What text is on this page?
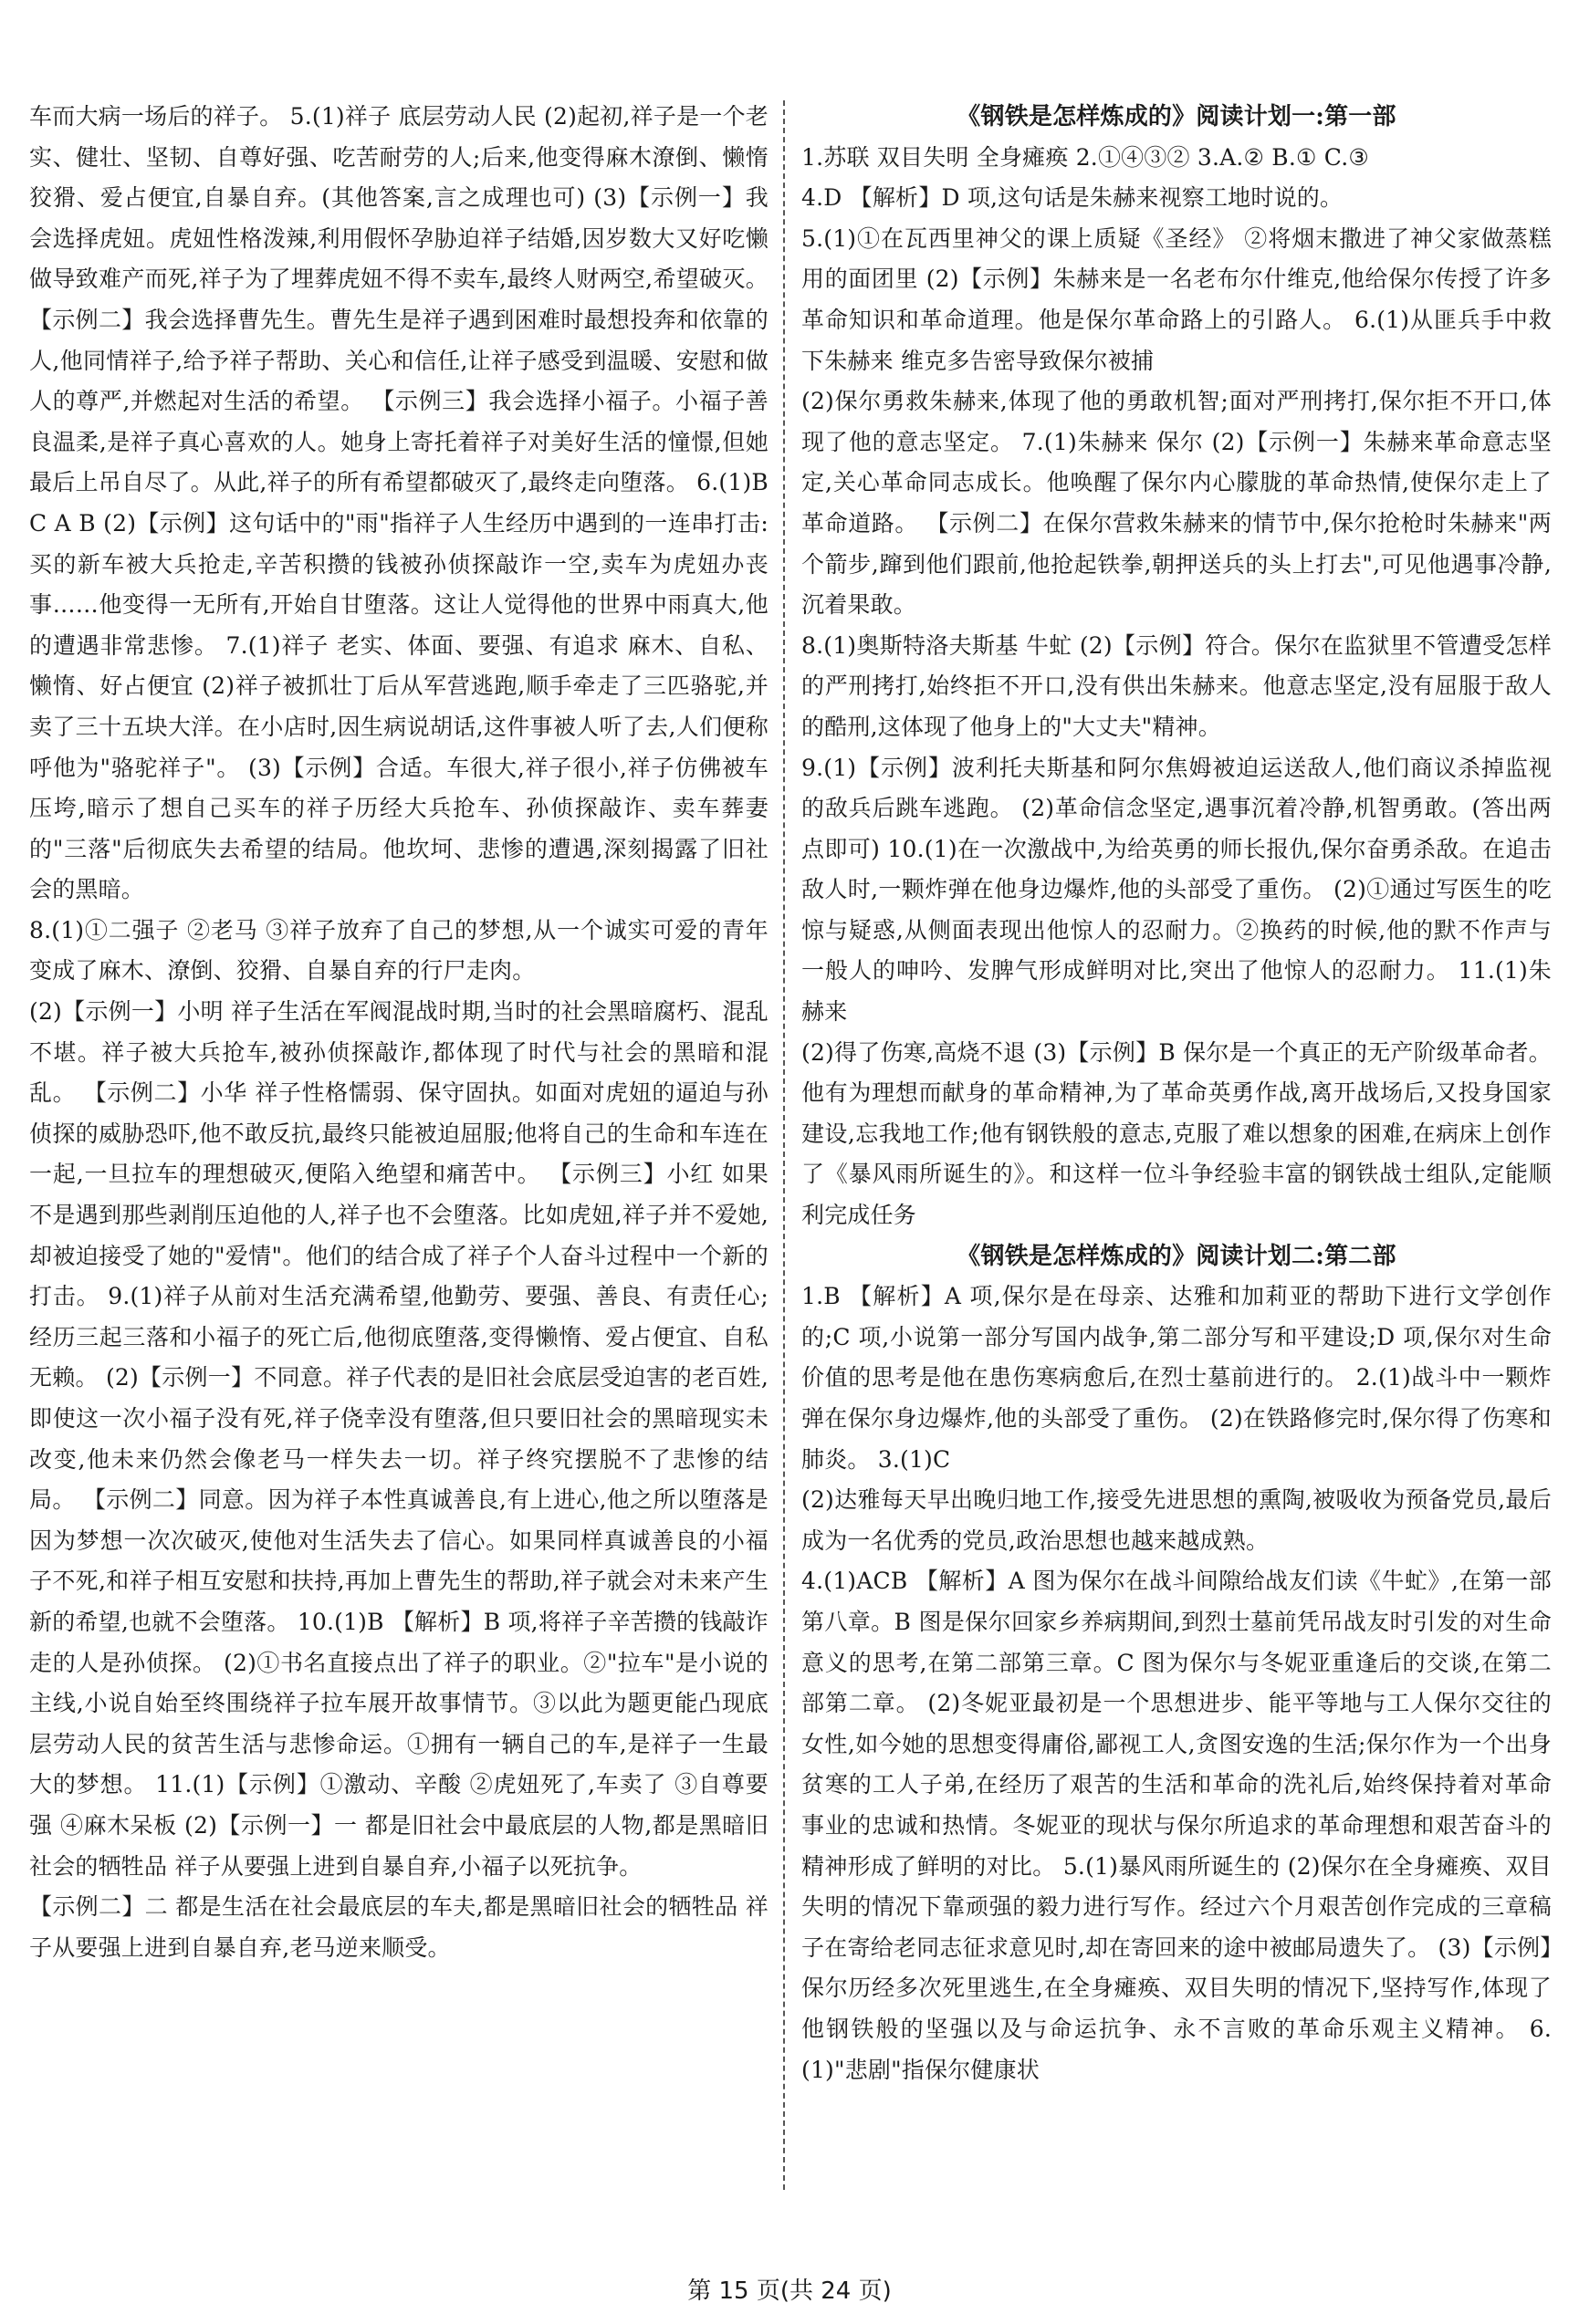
车而大病一场后的祥子。 5.(1)祥子 底层劳动人民 (2)起初,祥子是一个老实、健壮、坚韧、自尊好强、吃苦耐劳的人;后来,他变得麻木潦倒、懒惰狡猾、爱占便宜,自暴自弃。(其他答案,言之成理也可) (3)【示例一】我会选择虎妞。虎妞性格泼辣,利用假怀孕胁迫祥子结婚,因岁数大又好吃懒做导致难产而死,祥子为了埋葬虎妞不得不卖车,最终人财两空,希望破灭。 【示例二】我会选择曹先生。曹先生是祥子遇到困难时最想投奔和依靠的人,他同情祥子,给予祥子帮助、关心和信任,让祥子感受到温暖、安慰和做人的尊严,并燃起对生活的希望。 【示例三】我会选择小福子。小福子善良温柔,是祥子真心喜欢的人。她身上寄托着祥子对美好生活的憧憬,但她最后上吊自尽了。从此,祥子的所有希望都破灭了,最终走向堕落。 6.(1)B C A B (2)【示例】这句话中的"雨"指祥子人生经历中遇到的一连串打击:买的新车被大兵抢走,辛苦积攒的钱被孙侦探敲诈一空,卖车为虎妞办丧事……他变得一无所有,开始自甘堕落。这让人觉得他的世界中雨真大,他的遭遇非常悲惨。 7.(1)祥子 老实、体面、要强、有追求 麻木、自私、懒惰、好占便宜 (2)祥子被抓壮丁后从军营逃跑,顺手牵走了三匹骆驼,并卖了三十五块大洋。在小店时,因生病说胡话,这件事被人听了去,人们便称呼他为"骆驼祥子"。 (3)【示例】合适。车很大,祥子很小,祥子仿佛被车压垮,暗示了想自己买车的祥子历经大兵抢车、孙侦探敲诈、卖车葬妻的"三落"后彻底失去希望的结局。他坎坷、悲惨的遭遇,深刻揭露了旧社会的黑暗。

8.(1)①二强子 ②老马 ③祥子放弃了自己的梦想,从一个诚实可爱的青年变成了麻木、潦倒、狡猾、自暴自弃的行尸走肉。

(2)【示例一】小明 祥子生活在军阀混战时期,当时的社会黑暗腐朽、混乱不堪。祥子被大兵抢车,被孙侦探敲诈,都体现了时代与社会的黑暗和混乱。 【示例二】小华 祥子性格懦弱、保守固执。如面对虎妞的逼迫与孙侦探的威胁恐吓,他不敢反抗,最终只能被迫屈服;他将自己的生命和车连在一起,一旦拉车的理想破灭,便陷入绝望和痛苦中。 【示例三】小红 如果不是遇到那些剥削压迫他的人,祥子也不会堕落。比如虎妞,祥子并不爱她,却被迫接受了她的"爱情"。他们的结合成了祥子个人奋斗过程中一个新的打击。 9.(1)祥子从前对生活充满希望,他勤劳、要强、善良、有责任心;经历三起三落和小福子的死亡后,他彻底堕落,变得懒惰、爱占便宜、自私无赖。 (2)【示例一】不同意。祥子代表的是旧社会底层受迫害的老百姓,即使这一次小福子没有死,祥子侥幸没有堕落,但只要旧社会的黑暗现实未改变,他未来仍然会像老马一样失去一切。祥子终究摆脱不了悲惨的结局。 【示例二】同意。因为祥子本性真诚善良,有上进心,他之所以堕落是因为梦想一次次破灭,使他对生活失去了信心。如果同样真诚善良的小福子不死,和祥子相互安慰和扶持,再加上曹先生的帮助,祥子就会对未来产生新的希望,也就不会堕落。 10.(1)B 【解析】B 项,将祥子辛苦攒的钱敲诈走的人是孙侦探。 (2)①书名直接点出了祥子的职业。②"拉车"是小说的主线,小说自始至终围绕祥子拉车展开故事情节。③以此为题更能凸现底层劳动人民的贫苦生活与悲惨命运。①拥有一辆自己的车,是祥子一生最大的梦想。 11.(1)【示例】①激动、辛酸 ②虎妞死了,车卖了 ③自尊要强 ④麻木呆板 (2)【示例一】一 都是旧社会中最底层的人物,都是黑暗旧社会的牺牲品 祥子从要强上进到自暴自弃,小福子以死抗争。

【示例二】二 都是生活在社会最底层的车夫,都是黑暗旧社会的牺牲品 祥子从要强上进到自暴自弃,老马逆来顺受。

《钢铁是怎样炼成的》阅读计划一:第一部

1.苏联 双目失明 全身瘫痪 2.①④③② 3.A.② B.① C.③

4.D 【解析】D 项,这句话是朱赫来视察工地时说的。

5.(1)①在瓦西里神父的课上质疑《圣经》 ②将烟末撒进了神父家做蒸糕用的面团里 (2)【示例】朱赫来是一名老布尔什维克,他给保尔传授了许多革命知识和革命道理。他是保尔革命路上的引路人。 6.(1)从匪兵手中救下朱赫来 维克多告密导致保尔被捕

(2)保尔勇救朱赫来,体现了他的勇敢机智;面对严刑拷打,保尔拒不开口,体现了他的意志坚定。 7.(1)朱赫来 保尔 (2)【示例一】朱赫来革命意志坚定,关心革命同志成长。他唤醒了保尔内心朦胧的革命热情,使保尔走上了革命道路。 【示例二】在保尔营救朱赫来的情节中,保尔抢枪时朱赫来"两个箭步,蹿到他们跟前,他抢起铁拳,朝押送兵的头上打去",可见他遇事冷静,沉着果敢。

8.(1)奥斯特洛夫斯基 牛虻 (2)【示例】符合。保尔在监狱里不管遭受怎样的严刑拷打,始终拒不开口,没有供出朱赫来。他意志坚定,没有屈服于敌人的酷刑,这体现了他身上的"大丈夫"精神。

9.(1)【示例】波利托夫斯基和阿尔焦姆被迫运送敌人,他们商议杀掉监视的敌兵后跳车逃跑。 (2)革命信念坚定,遇事沉着冷静,机智勇敢。(答出两点即可) 10.(1)在一次激战中,为给英勇的师长报仇,保尔奋勇杀敌。在追击敌人时,一颗炸弹在他身边爆炸,他的头部受了重伤。 (2)①通过写医生的吃惊与疑惑,从侧面表现出他惊人的忍耐力。②换药的时候,他的默不作声与一般人的呻吟、发脾气形成鲜明对比,突出了他惊人的忍耐力。 11.(1)朱赫来

(2)得了伤寒,高烧不退 (3)【示例】B 保尔是一个真正的无产阶级革命者。他有为理想而献身的革命精神,为了革命英勇作战,离开战场后,又投身国家建设,忘我地工作;他有钢铁般的意志,克服了难以想象的困难,在病床上创作了《暴风雨所诞生的》。和这样一位斗争经验丰富的钢铁战士组队,定能顺利完成任务

《钢铁是怎样炼成的》阅读计划二:第二部

1.B 【解析】A 项,保尔是在母亲、达雅和加莉亚的帮助下进行文学创作的;C 项,小说第一部分写国内战争,第二部分写和平建设;D 项,保尔对生命价值的思考是他在患伤寒病愈后,在烈士墓前进行的。 2.(1)战斗中一颗炸弹在保尔身边爆炸,他的头部受了重伤。 (2)在铁路修完时,保尔得了伤寒和肺炎。 3.(1)C

(2)达雅每天早出晚归地工作,接受先进思想的熏陶,被吸收为预备党员,最后成为一名优秀的党员,政治思想也越来越成熟。

4.(1)ACB 【解析】A 图为保尔在战斗间隙给战友们读《牛虻》,在第一部第八章。B 图是保尔回家乡养病期间,到烈士墓前凭吊战友时引发的对生命意义的思考,在第二部第三章。C 图为保尔与冬妮亚重逢后的交谈,在第二部第二章。 (2)冬妮亚最初是一个思想进步、能平等地与工人保尔交往的女性,如今她的思想变得庸俗,鄙视工人,贪图安逸的生活;保尔作为一个出身贫寒的工人子弟,在经历了艰苦的生活和革命的洗礼后,始终保持着对革命事业的忠诚和热情。冬妮亚的现状与保尔所追求的革命理想和艰苦奋斗的精神形成了鲜明的对比。 5.(1)暴风雨所诞生的 (2)保尔在全身瘫痪、双目失明的情况下靠顽强的毅力进行写作。经过六个月艰苦创作完成的三章稿子在寄给老同志征求意见时,却在寄回来的途中被邮局遗失了。 (3)【示例】保尔历经多次死里逃生,在全身瘫痪、双目失明的情况下,坚持写作,体现了他钢铁般的坚强以及与命运抗争、永不言败的革命乐观主义精神。 6.(1)"悲剧"指保尔健康状

第 15 页(共 24 页)
